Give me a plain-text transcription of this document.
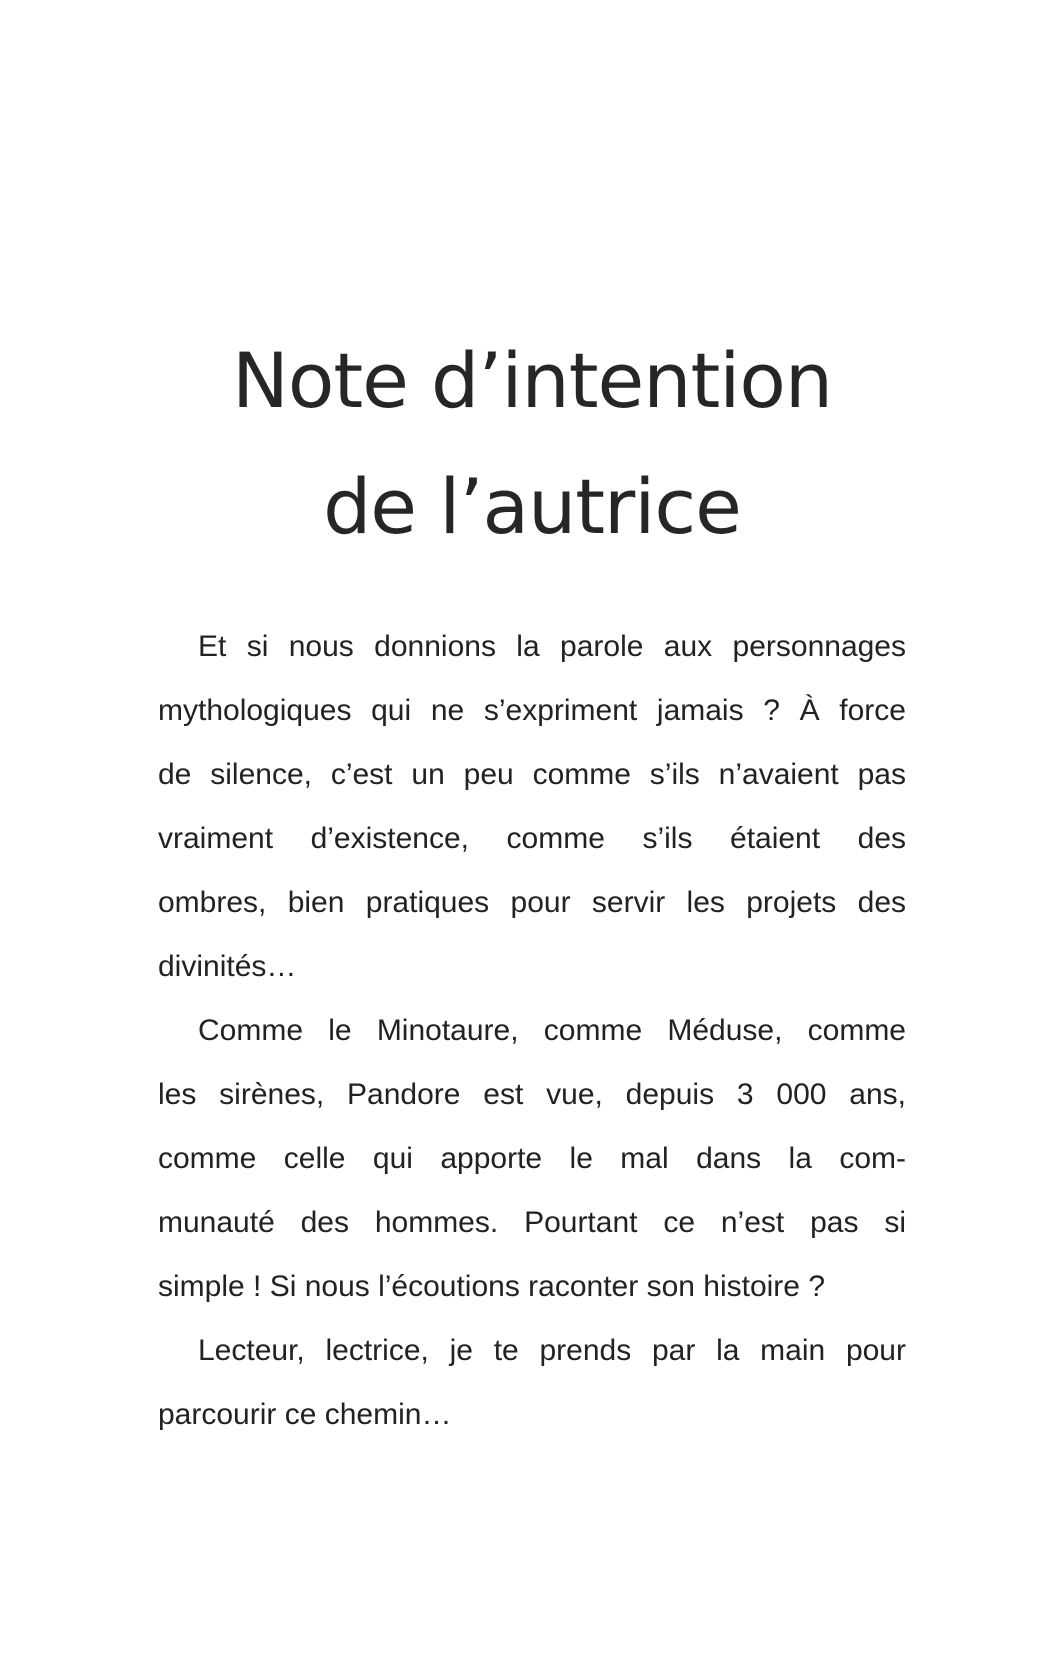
Note d’intention
de l’autrice
Et si nous donnions la parole aux personnages
mythologiques qui ne s’expriment jamais ? À force
de silence, c’est un peu comme s’ils n’avaient pas
vraiment d’existence, comme s’ils étaient des
ombres, bien pratiques pour servir les projets des
divinités…
Comme le Minotaure, comme Méduse, comme
les sirènes, Pandore est vue, depuis 3 000 ans,
comme celle qui apporte le mal dans la com-
munauté des hommes. Pourtant ce n’est pas si
simple ! Si nous l’écoutions raconter son histoire ?
Lecteur, lectrice, je te prends par la main pour
parcourir ce chemin…
